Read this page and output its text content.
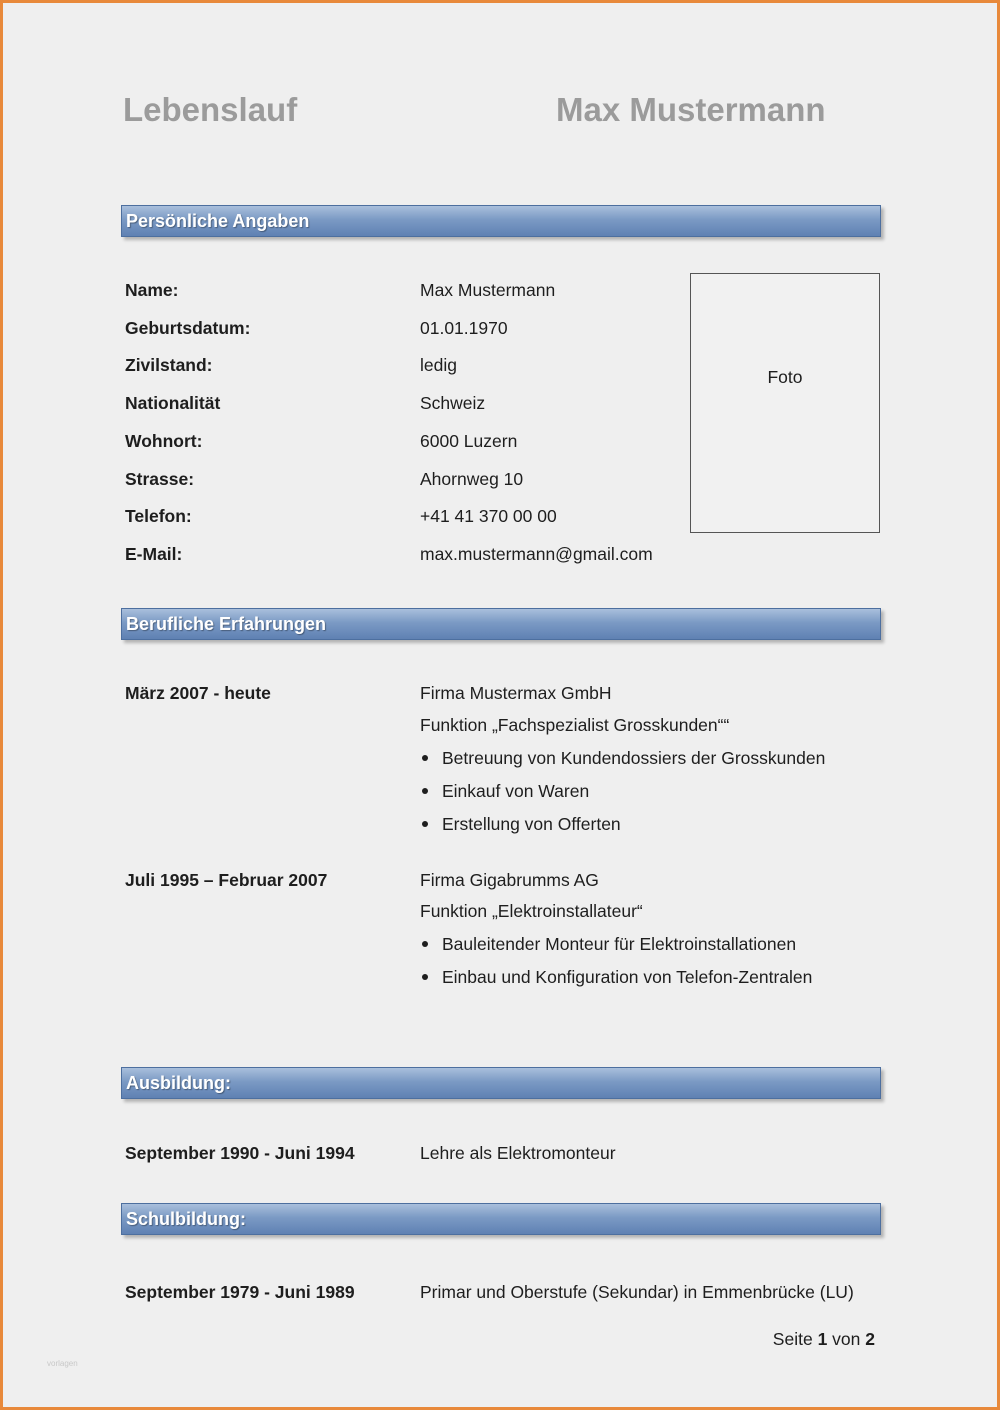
Lebenslauf	Max Mustermann
Persönliche Angaben
Name:	Max Mustermann
Geburtsdatum:	01.01.1970
Zivilstand:	ledig
Nationalität	Schweiz
Wohnort:	6000 Luzern
Strasse:	Ahornweg 10
Telefon:	+41 41 370 00 00
E-Mail:	max.mustermann@gmail.com
Foto
Berufliche Erfahrungen
März 2007 - heute	Firma Mustermax GmbH
Funktion „Fachspezialist Grosskunden““
Betreuung von Kundendossiers der Grosskunden
Einkauf von Waren
Erstellung von Offerten
Juli 1995 – Februar 2007	Firma Gigabrumms AG
Funktion „Elektroinstallateur“
Bauleitender Monteur für Elektroinstallationen
Einbau und Konfiguration von Telefon-Zentralen
Ausbildung:
September 1990 - Juni 1994	Lehre als Elektromonteur
Schulbildung:
September 1979 - Juni 1989	Primar und Oberstufe (Sekundar) in Emmenbrücke (LU)
Seite 1 von 2
vorlagen
